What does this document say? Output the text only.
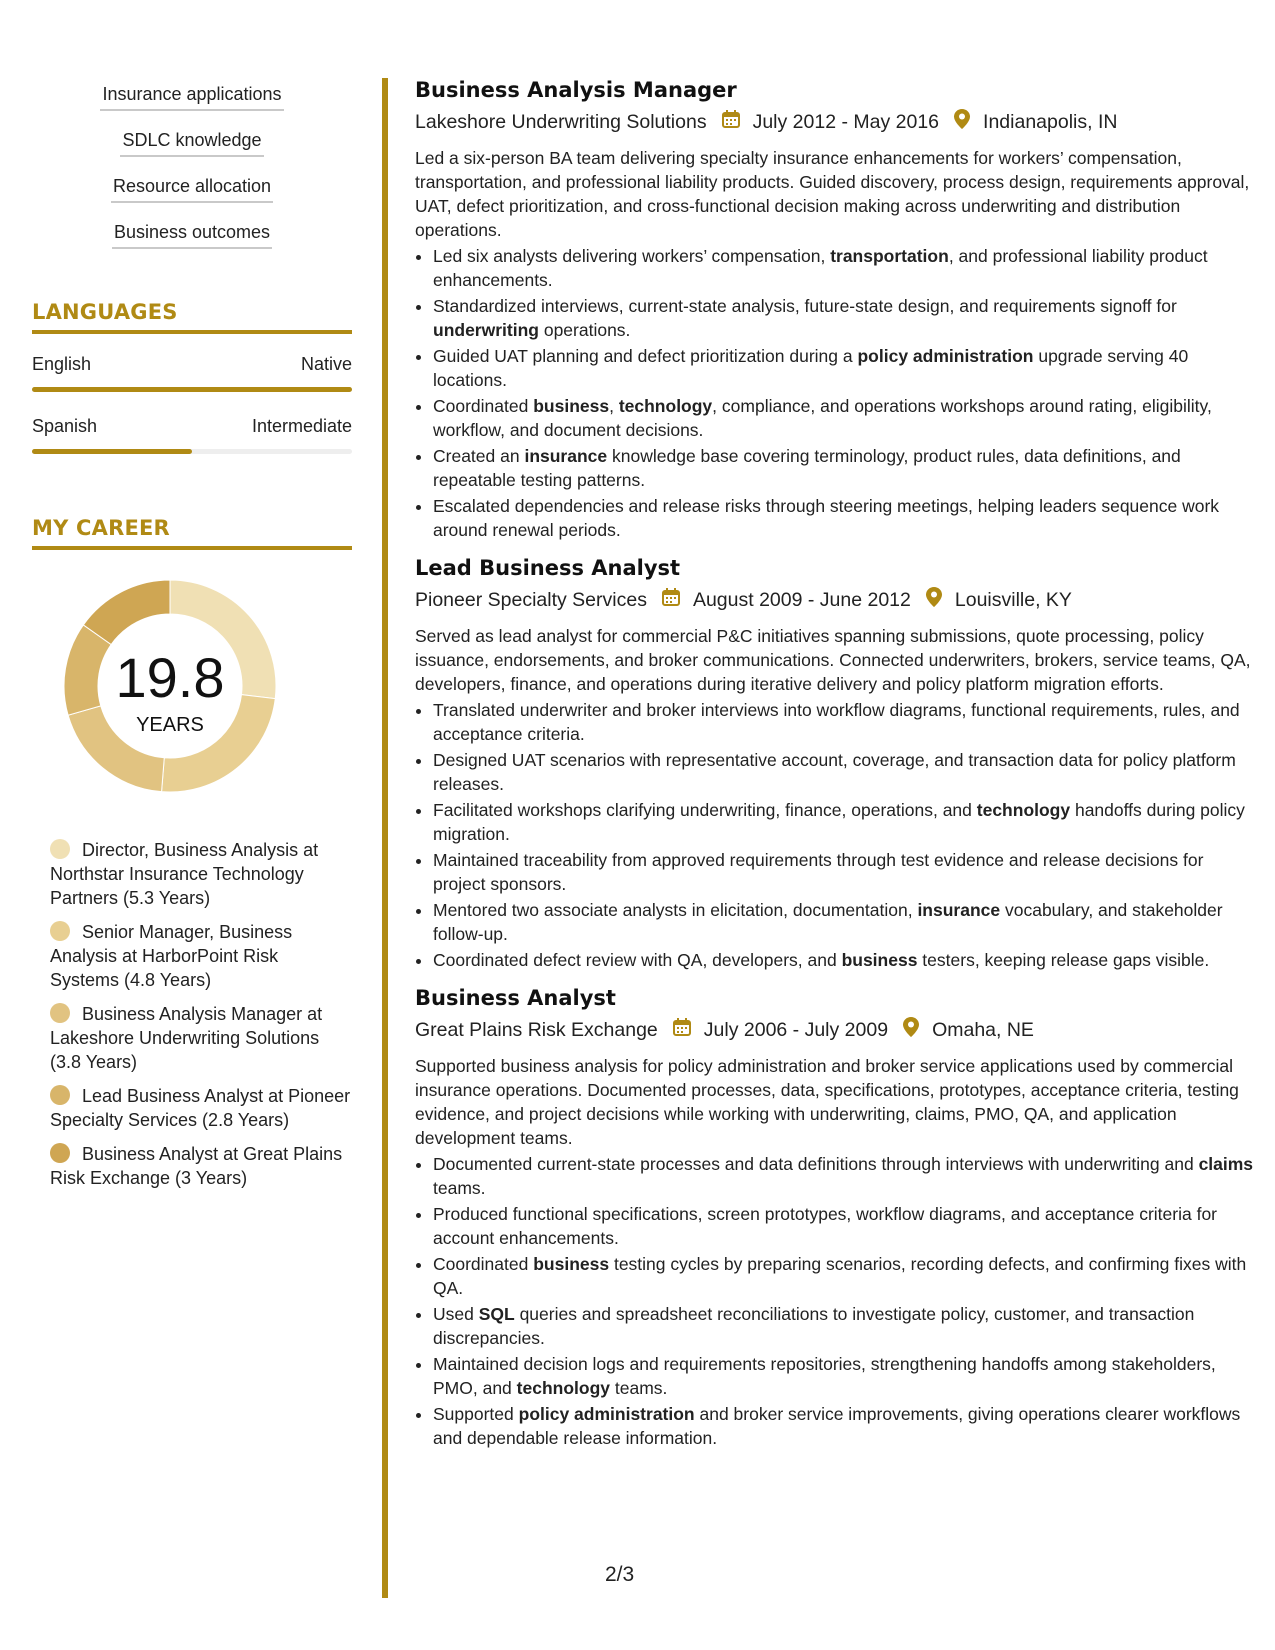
Insurance applications
SDLC knowledge
Resource allocation
Business outcomes
LANGUAGES
English	Native
Spanish	Intermediate
MY CAREER
19.8
YEARS
Director, Business Analysis at Northstar Insurance Technology Partners (5.3 Years)
Senior Manager, Business Analysis at HarborPoint Risk Systems (4.8 Years)
Business Analysis Manager at Lakeshore Underwriting Solutions (3.8 Years)
Lead Business Analyst at Pioneer Specialty Services (2.8 Years)
Business Analyst at Great Plains Risk Exchange (3 Years)
Business Analysis Manager
Lakeshore Underwriting Solutions July 2012 - May 2016 Indianapolis, IN

Led a six-person BA team delivering specialty insurance enhancements for workers’ compensation, transportation, and professional liability products. Guided discovery, process design, requirements approval, UAT, defect prioritization, and cross-functional decision making across underwriting and distribution operations.

• Led six analysts delivering workers’ compensation, transportation, and professional liability product enhancements.
• Standardized interviews, current-state analysis, future-state design, and requirements signoff for underwriting operations.
• Guided UAT planning and defect prioritization during a policy administration upgrade serving 40 locations.
• Coordinated business, technology, compliance, and operations workshops around rating, eligibility, workflow, and document decisions.
• Created an insurance knowledge base covering terminology, product rules, data definitions, and repeatable testing patterns.
• Escalated dependencies and release risks through steering meetings, helping leaders sequence work around renewal periods.
Lead Business Analyst
Pioneer Specialty Services August 2009 - June 2012 Louisville, KY

Served as lead analyst for commercial P&C initiatives spanning submissions, quote processing, policy issuance, endorsements, and broker communications. Connected underwriters, brokers, service teams, QA, developers, finance, and operations during iterative delivery and policy platform migration efforts.

• Translated underwriter and broker interviews into workflow diagrams, functional requirements, rules, and acceptance criteria.
• Designed UAT scenarios with representative account, coverage, and transaction data for policy platform releases.
• Facilitated workshops clarifying underwriting, finance, operations, and technology handoffs during policy migration.
• Maintained traceability from approved requirements through test evidence and release decisions for project sponsors.
• Mentored two associate analysts in elicitation, documentation, insurance vocabulary, and stakeholder follow-up.
• Coordinated defect review with QA, developers, and business testers, keeping release gaps visible.
Business Analyst
Great Plains Risk Exchange July 2006 - July 2009 Omaha, NE

Supported business analysis for policy administration and broker service applications used by commercial insurance operations. Documented processes, data, specifications, prototypes, acceptance criteria, testing evidence, and project decisions while working with underwriting, claims, PMO, QA, and application development teams.

• Documented current-state processes and data definitions through interviews with underwriting and claims teams.
• Produced functional specifications, screen prototypes, workflow diagrams, and acceptance criteria for account enhancements.
• Coordinated business testing cycles by preparing scenarios, recording defects, and confirming fixes with QA.
• Used SQL queries and spreadsheet reconciliations to investigate policy, customer, and transaction discrepancies.
• Maintained decision logs and requirements repositories, strengthening handoffs among stakeholders, PMO, and technology teams.
• Supported policy administration and broker service improvements, giving operations clearer workflows and dependable release information.
2/3
